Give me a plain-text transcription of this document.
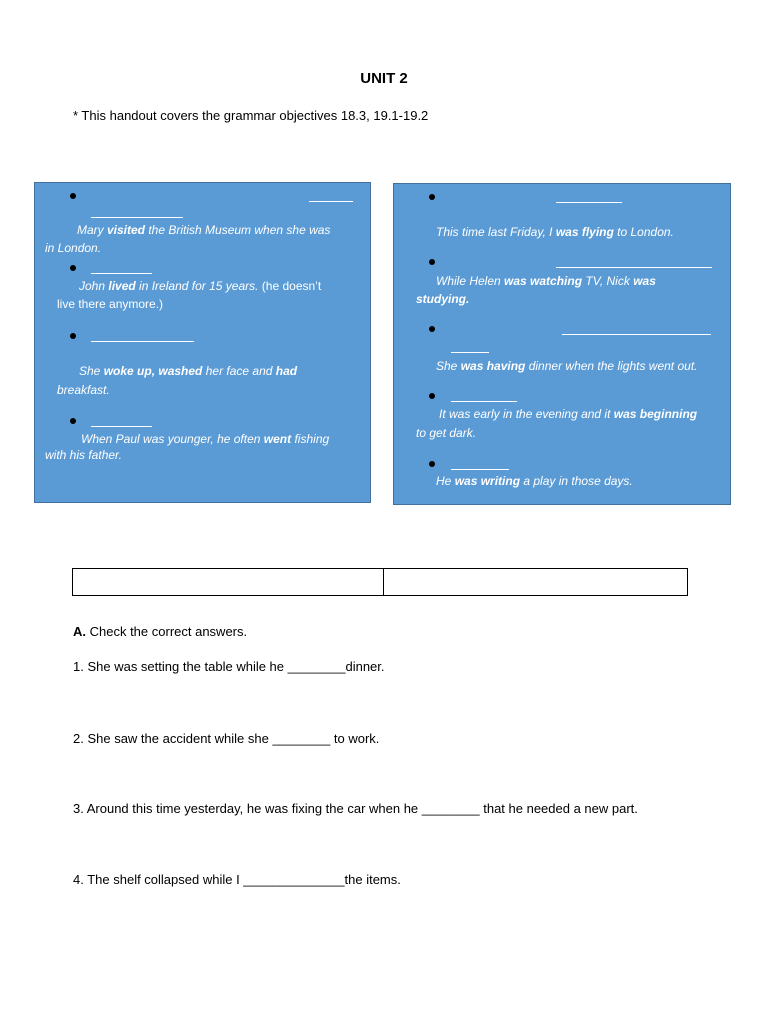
UNIT 2
* This handout covers the grammar objectives 18.3, 19.1-19.2
Mary visited the British Museum when she was
in London.
John lived in Ireland for 15 years. (he doesn’t
live there anymore.)
She woke up, washed her face and had
breakfast.
When Paul was younger, he often went fishing
with his father.
This time last Friday, I was flying to London.
While Helen was watching TV, Nick was
studying.
She was having dinner when the lights went out.
It was early in the evening and it was beginning
to get dark.
He was writing a play in those days.
A. Check the correct answers.
1. She was setting the table while he ________dinner.
2. She saw the accident while she ________ to work.
3. Around this time yesterday, he was fixing the car when he ________ that he needed a new part.
4. The shelf collapsed while I ______________the items.
